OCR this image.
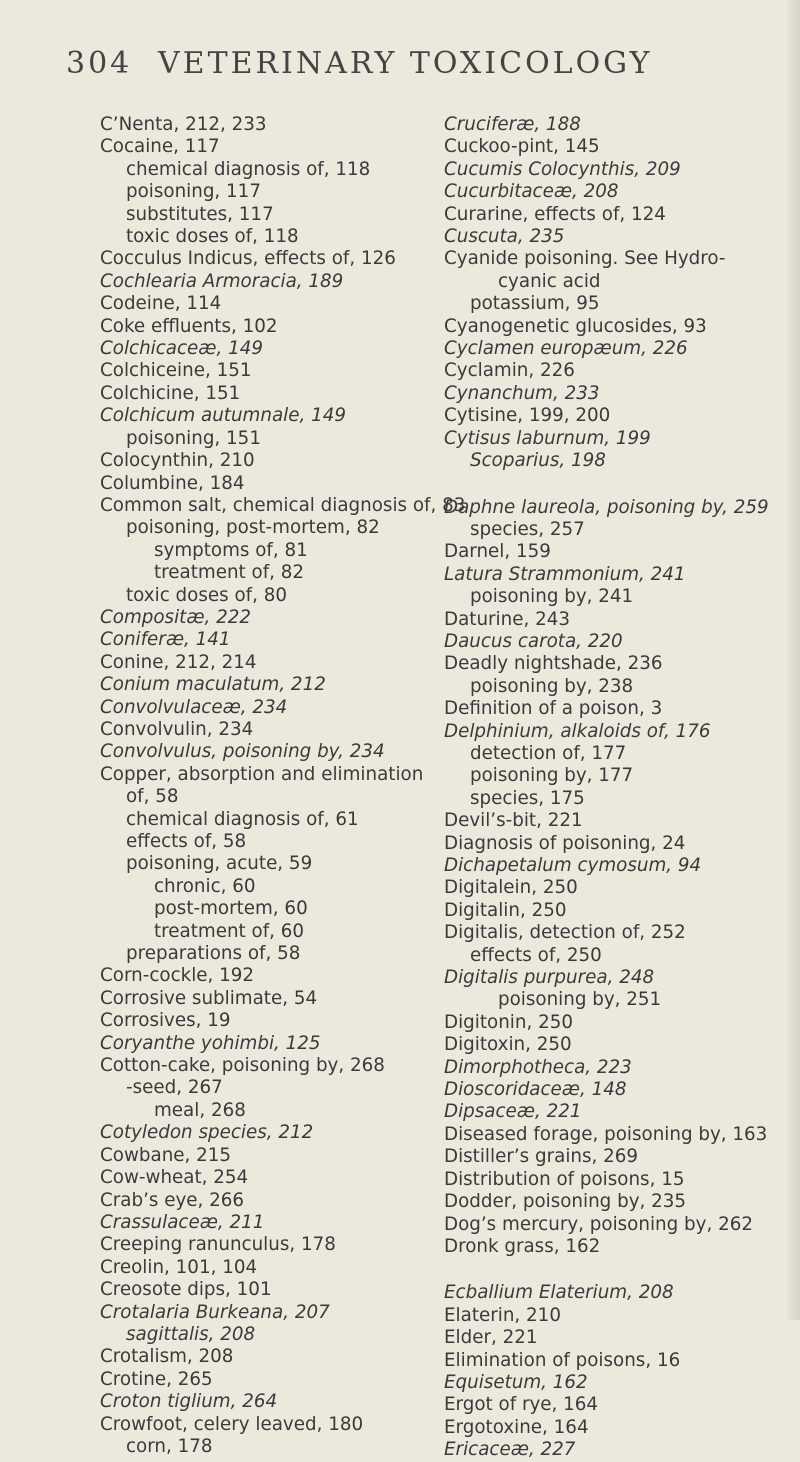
304 VETERINARY TOXICOLOGY
C’Nenta, 212, 233
Cocaine, 117
chemical diagnosis of, 118
poisoning, 117
substitutes, 117
toxic doses of, 118
Cocculus Indicus, effects of, 126
Cochlearia Armoracia, 189
Codeine, 114
Coke effluents, 102
Colchicaceæ, 149
Colchiceine, 151
Colchicine, 151
Colchicum autumnale, 149
poisoning, 151
Colocynthin, 210
Columbine, 184
Common salt, chemical diagnosis of, 83
poisoning, post-mortem, 82
symptoms of, 81
treatment of, 82
toxic doses of, 80
Compositæ, 222
Coniferæ, 141
Conine, 212, 214
Conium maculatum, 212
Convolvulaceæ, 234
Convolvulin, 234
Convolvulus, poisoning by, 234
Copper, absorption and elimination
of, 58
chemical diagnosis of, 61
effects of, 58
poisoning, acute, 59
chronic, 60
post-mortem, 60
treatment of, 60
preparations of, 58
Corn-cockle, 192
Corrosive sublimate, 54
Corrosives, 19
Coryanthe yohimbi, 125
Cotton-cake, poisoning by, 268
-seed, 267
meal, 268
Cotyledon species, 212
Cowbane, 215
Cow-wheat, 254
Crab’s eye, 266
Crassulaceæ, 211
Creeping ranunculus, 178
Creolin, 101, 104
Creosote dips, 101
Crotalaria Burkeana, 207
sagittalis, 208
Crotalism, 208
Crotine, 265
Croton tiglium, 264
Crowfoot, celery leaved, 180
corn, 178
Cruciferæ, 188
Cuckoo-pint, 145
Cucumis Colocynthis, 209
Cucurbitaceæ, 208
Curarine, effects of, 124
Cuscuta, 235
Cyanide poisoning. See Hydro-
cyanic acid
potassium, 95
Cyanogenetic glucosides, 93
Cyclamen europæum, 226
Cyclamin, 226
Cynanchum, 233
Cytisine, 199, 200
Cytisus laburnum, 199
Scoparius, 198
Daphne laureola, poisoning by, 259
species, 257
Darnel, 159
Latura Strammonium, 241
poisoning by, 241
Daturine, 243
Daucus carota, 220
Deadly nightshade, 236
poisoning by, 238
Definition of a poison, 3
Delphinium, alkaloids of, 176
detection of, 177
poisoning by, 177
species, 175
Devil’s-bit, 221
Diagnosis of poisoning, 24
Dichapetalum cymosum, 94
Digitalein, 250
Digitalin, 250
Digitalis, detection of, 252
effects of, 250
Digitalis purpurea, 248
poisoning by, 251
Digitonin, 250
Digitoxin, 250
Dimorphotheca, 223
Dioscoridaceæ, 148
Dipsaceæ, 221
Diseased forage, poisoning by, 163
Distiller’s grains, 269
Distribution of poisons, 15
Dodder, poisoning by, 235
Dog’s mercury, poisoning by, 262
Dronk grass, 162
Ecballium Elaterium, 208
Elaterin, 210
Elder, 221
Elimination of poisons, 16
Equisetum, 162
Ergot of rye, 164
Ergotoxine, 164
Ericaceæ, 227
